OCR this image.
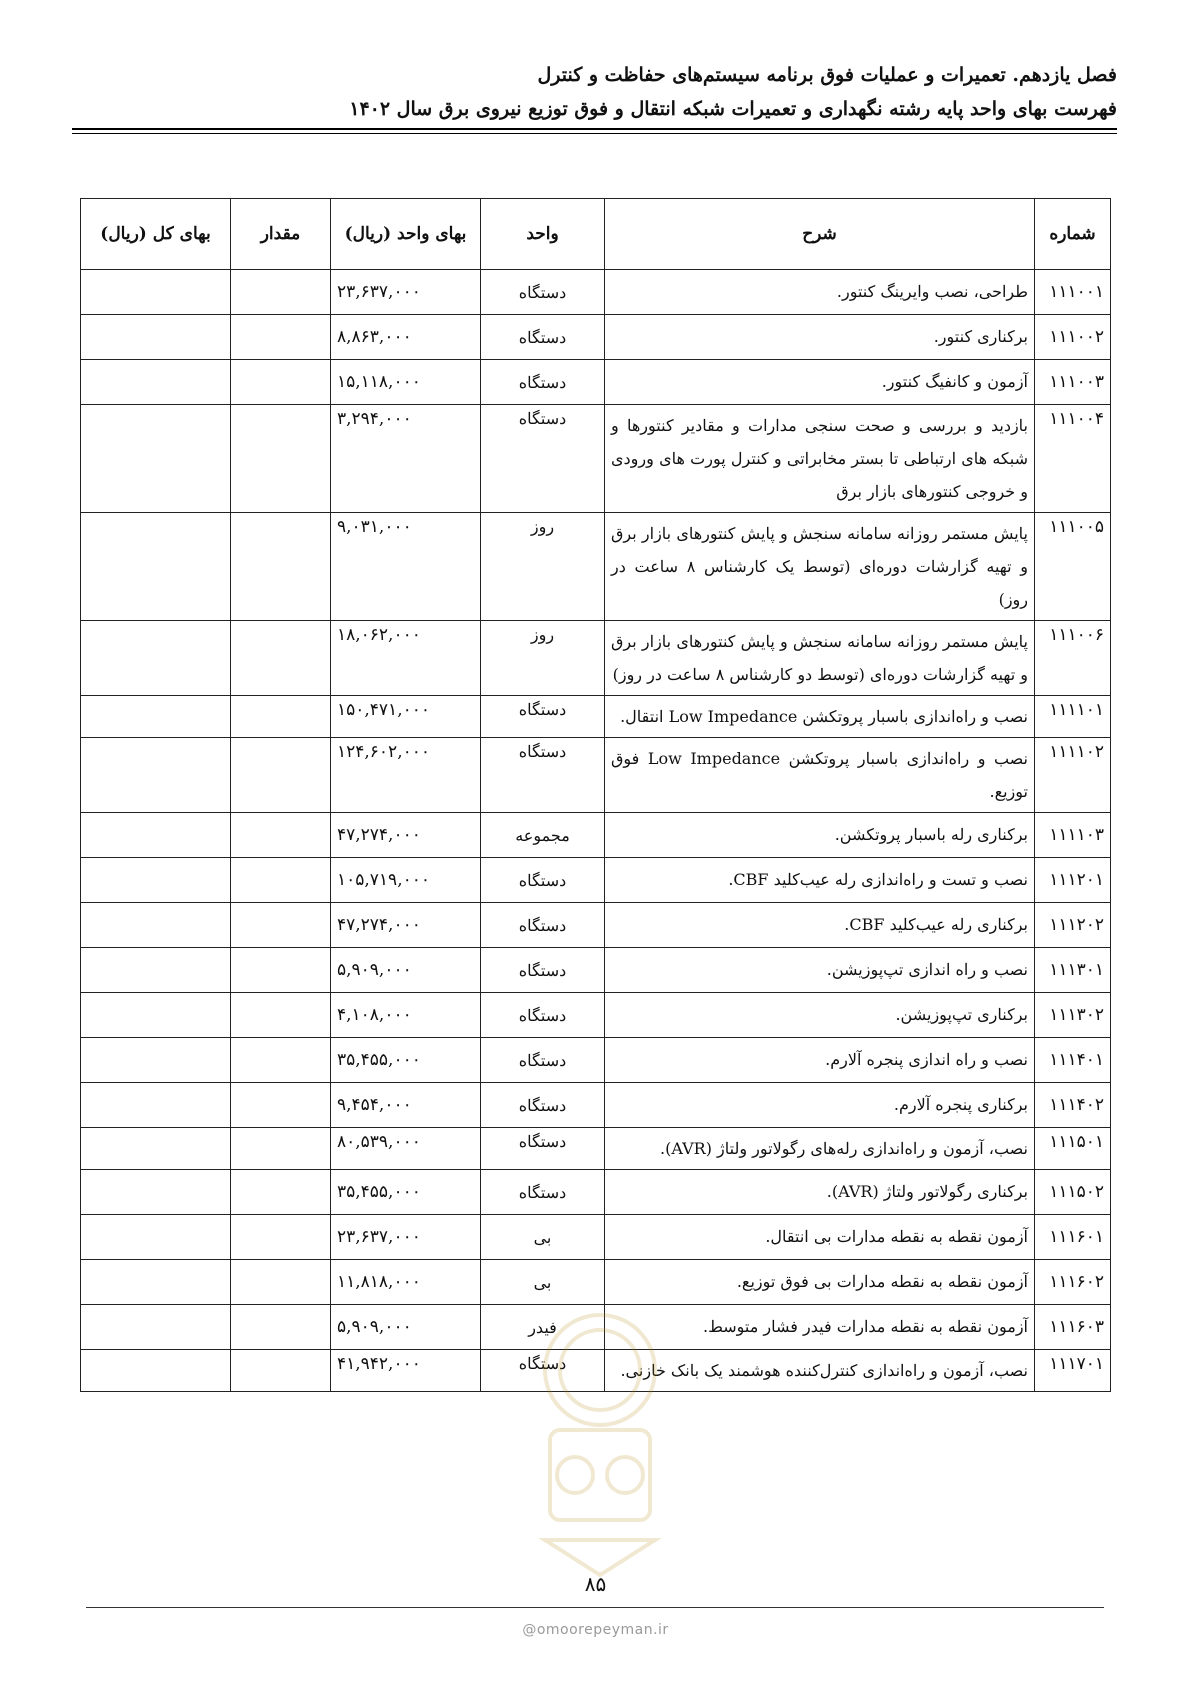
فصل یازدهم. تعمیرات و عملیات فوق برنامه سیستم‌های حفاظت و کنترل
فهرست بهای واحد پایه رشته نگهداری و تعمیرات شبکه انتقال و فوق توزیع نیروی برق سال ۱۴۰۲
شماره	شرح	واحد	بهای واحد (ریال)	مقدار	بهای کل (ریال)
۱۱۱۰۰۱	طراحی، نصب وایرینگ کنتور.	دستگاه	۲۳,۶۳۷,۰۰۰		
۱۱۱۰۰۲	برکناری کنتور.	دستگاه	۸,۸۶۳,۰۰۰		
۱۱۱۰۰۳	آزمون و کانفیگ کنتور.	دستگاه	۱۵,۱۱۸,۰۰۰		
۱۱۱۰۰۴	بازدید و بررسی و صحت سنجی مدارات و مقادیر کنتورها و شبکه های ارتباطی تا بستر مخابراتی و کنترل پورت های ورودی و خروجی کنتورهای بازار برق	دستگاه	۳,۲۹۴,۰۰۰		
۱۱۱۰۰۵	پایش مستمر روزانه سامانه سنجش و پایش کنتورهای بازار برق و تهیه گزارشات دوره‌ای (توسط یک کارشناس ۸ ساعت در روز)	روز	۹,۰۳۱,۰۰۰		
۱۱۱۰۰۶	پایش مستمر روزانه سامانه سنجش و پایش کنتورهای بازار برق و تهیه گزارشات دوره‌ای (توسط دو کارشناس ۸ ساعت در روز)	روز	۱۸,۰۶۲,۰۰۰		
۱۱۱۱۰۱	نصب و راه‌اندازی باسبار پروتکشن Low Impedance انتقال.	دستگاه	۱۵۰,۴۷۱,۰۰۰		
۱۱۱۱۰۲	نصب و راه‌اندازی باسبار پروتکشن Low Impedance فوق توزیع.	دستگاه	۱۲۴,۶۰۲,۰۰۰		
۱۱۱۱۰۳	برکناری رله باسبار پروتکشن.	مجموعه	۴۷,۲۷۴,۰۰۰		
۱۱۱۲۰۱	نصب و تست و راه‌اندازی رله عیب‌کلید CBF.	دستگاه	۱۰۵,۷۱۹,۰۰۰		
۱۱۱۲۰۲	برکناری رله عیب‌کلید CBF.	دستگاه	۴۷,۲۷۴,۰۰۰		
۱۱۱۳۰۱	نصب و راه اندازی تپ‌پوزیشن.	دستگاه	۵,۹۰۹,۰۰۰		
۱۱۱۳۰۲	برکناری تپ‌پوزیشن.	دستگاه	۴,۱۰۸,۰۰۰		
۱۱۱۴۰۱	نصب و راه اندازی پنجره آلارم.	دستگاه	۳۵,۴۵۵,۰۰۰		
۱۱۱۴۰۲	برکناری پنجره آلارم.	دستگاه	۹,۴۵۴,۰۰۰		
۱۱۱۵۰۱	نصب، آزمون و راه‌اندازی رله‌های رگولاتور ولتاژ (AVR).	دستگاه	۸۰,۵۳۹,۰۰۰		
۱۱۱۵۰۲	برکناری رگولاتور ولتاژ (AVR).	دستگاه	۳۵,۴۵۵,۰۰۰		
۱۱۱۶۰۱	آزمون نقطه به نقطه مدارات بی انتقال.	بی	۲۳,۶۳۷,۰۰۰		
۱۱۱۶۰۲	آزمون نقطه به نقطه مدارات بی فوق توزیع.	بی	۱۱,۸۱۸,۰۰۰		
۱۱۱۶۰۳	آزمون نقطه به نقطه مدارات فیدر فشار متوسط.	فیدر	۵,۹۰۹,۰۰۰		
۱۱۱۷۰۱	نصب، آزمون و راه‌اندازی کنترل‌کننده هوشمند یک بانک خازنی.	دستگاه	۴۱,۹۴۲,۰۰۰		
۸۵
@omoorepeyman.ir
